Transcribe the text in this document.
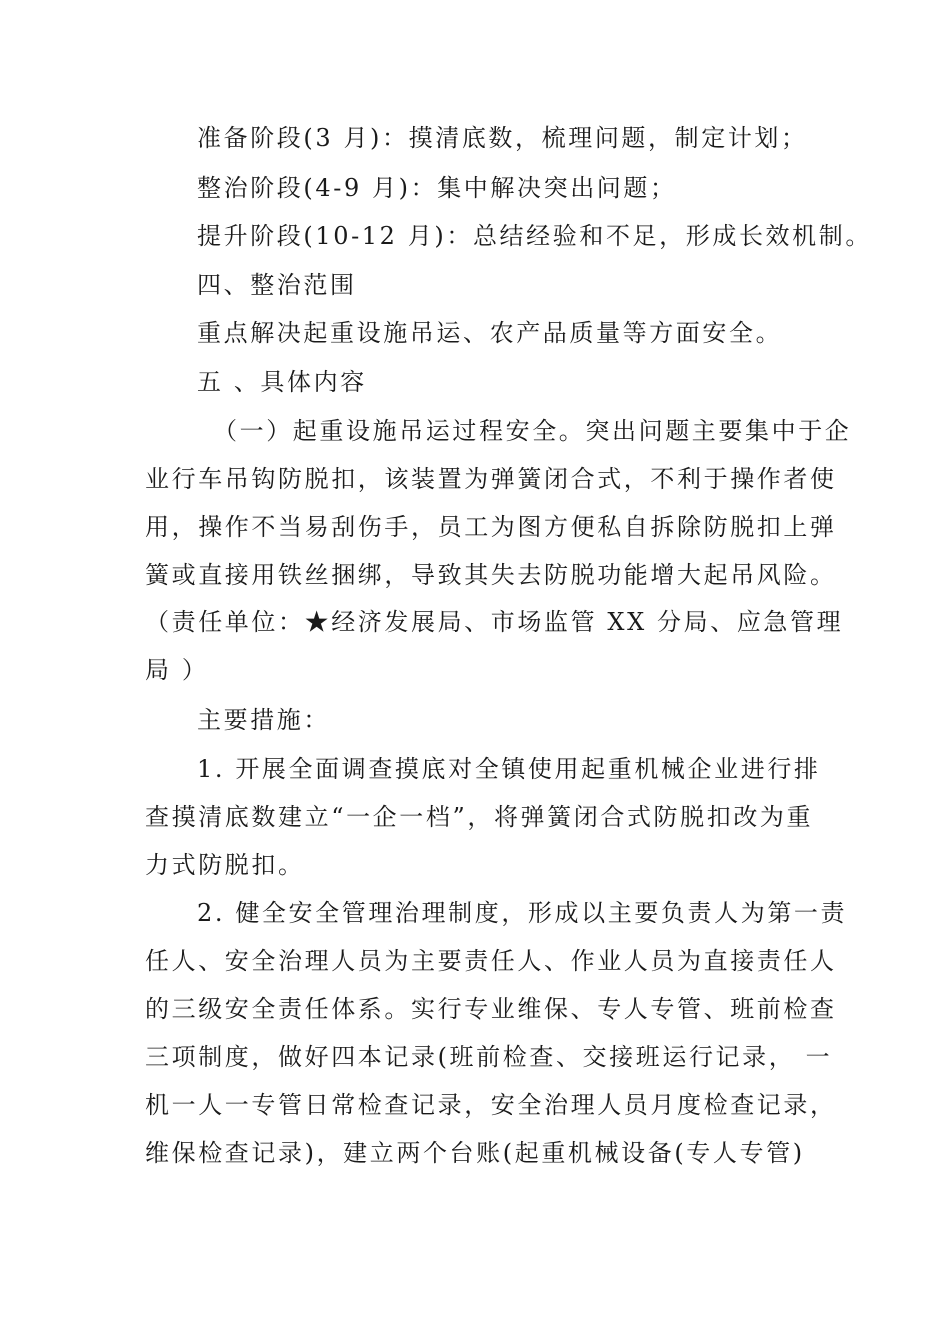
准备阶段(3 月)：摸清底数，梳理问题，制定计划；
整治阶段(4-9 月)：集中解决突出问题；
提升阶段(10-12 月)：总结经验和不足，形成长效机制。
四、整治范围
重点解决起重设施吊运、农产品质量等方面安全。
五 、具体内容
（一）起重设施吊运过程安全。突出问题主要集中于企
业行车吊钩防脱扣，该装置为弹簧闭合式，不利于操作者使
用，操作不当易刮伤手，员工为图方便私自拆除防脱扣上弹
簧或直接用铁丝捆绑，导致其失去防脱功能增大起吊风险。
（责任单位：★经济发展局、市场监管 XX 分局、应急管理
局 ）
主要措施：
1. 开展全面调查摸底对全镇使用起重机械企业进行排
查摸清底数建立“一企一档”，将弹簧闭合式防脱扣改为重
力式防脱扣。
2. 健全安全管理治理制度，形成以主要负责人为第一责
任人、安全治理人员为主要责任人、作业人员为直接责任人
的三级安全责任体系。实行专业维保、专人专管、班前检查
三项制度，做好四本记录(班前检查、交接班运行记录， 一
机一人一专管日常检查记录，安全治理人员月度检查记录，
维保检查记录)，建立两个台账(起重机械设备(专人专管)
